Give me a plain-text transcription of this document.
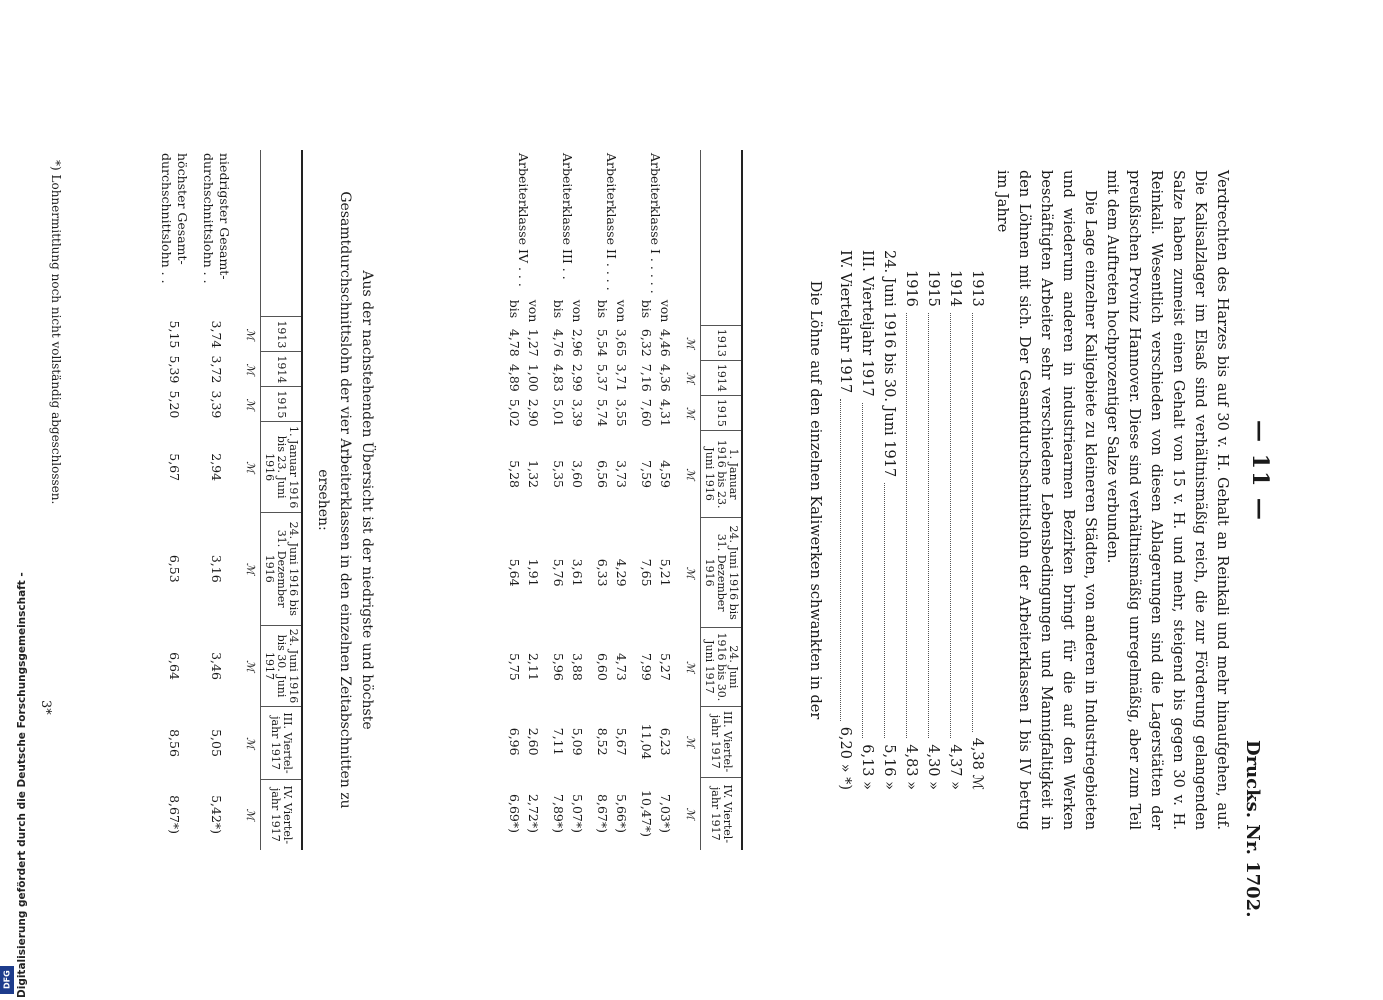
— 11 —
Drucks. Nr. 1702.

Verdrechten des Harzes bis auf 30 v. H. Gehalt an Reinkali und mehr hinaufgehen, auf. Die Kalisalzlager im Elsaß sind verhältnismäßig reich, die zur Förderung gelangenden Salze haben zumeist einen Gehalt von 15 v. H. und mehr, steigend bis gegen 30 v. H. Reinkali. Wesentlich verschieden von diesen Ablagerungen sind die Lagerstätten der preußischen Provinz Hannover. Diese sind verhältnismäßig unregelmäßig, aber zum Teil mit dem Auftreten hochprozentiger Salze verbunden.

Die Lage einzelner Kaligebiete zu kleineren Städten, von anderen in Industriegebieten und wiederum anderen in industriearmen Bezirken bringt für die auf den Werken beschäftigten Arbeiter sehr verschiedene Lebensbedingungen und Mannigfaltigkeit in den Löhnen mit sich. Der Gesamtdurchschnittslohn der Arbeiterklassen I bis IV betrug im Jahre

1913
4,38 ℳ
1914
4,37 »
1915
4,30 »
1916
4,83 »
24. Juni 1916 bis 30. Juni 1917
5,16 »
III. Vierteljahr 1917
6,13 »
IV. Vierteljahr 1917
6,20 » *)
Die Löhne auf den einzelnen Kaliwerken schwankten in der
		1913	1914	1915	1. Januar 1916 bis 23. Juni 1916	24. Juni 1916 bis 31. Dezember 1916	24. Juni 1916 bis 30. Juni 1917	III. Viertel-jahr 1917	IV. Viertel-jahr 1917
		ℳ	ℳ	ℳ	ℳ	ℳ	ℳ	ℳ	ℳ
Arbeiterklasse I . . . . .	von	4,46	4,36	4,31	4,59	5,21	5,27	6,23	7,03*)
	bis	6,32	7,16	7,60	7,59	7,65	7,99	11,04	10,47*)
Arbeiterklasse II . . . .	von	3,65	3,71	3,55	3,73	4,29	4,73	5,67	5,66*)
	bis	5,54	5,37	5,74	6,56	6,33	6,60	8,52	8,67*)
Arbeiterklasse III . .	von	2,96	2,99	3,39	3,60	3,61	3,88	5,09	5,07*)
	bis	4,76	4,83	5,01	5,35	5,76	5,96	7,11	7,89*)
Arbeiterklasse IV . . .	von	1,27	1,00	2,90	1,32	1,91	2,11	2,60	2,72*)
	bis	4,78	4,89	5,02	5,28	5,64	5,75	6,96	6,69*)
Aus der nachstehenden Übersicht ist der niedrigste und höchste Gesamtdurchschnittslohn der vier Arbeiterklassen in den einzelnen Zeitabschnitten zu ersehen:
	1913	1914	1915	1. Januar 1916 bis 23. Juni 1916	24. Juni 1916 bis 31. Dezember 1916	24. Juni 1916 bis 30. Juni 1917	III. Viertel-jahr 1917	IV. Viertel-jahr 1917
	ℳ	ℳ	ℳ	ℳ	ℳ	ℳ	ℳ	ℳ
niedrigster Gesamt-durchschnittslohn . .	3,74	3,72	3,39	2,94	3,16	3,46	5,05	5,42*)
höchster Gesamt-durchschnittslohn . .	5,15	5,39	5,20	5,67	6,53	6,64	8,56	8,67*)
*) Lohnermittlung noch nicht vollständig abgeschlossen.
3*
Digitalisierung gefördert durch die Deutsche Forschungsgemeinschaft -
DFG
